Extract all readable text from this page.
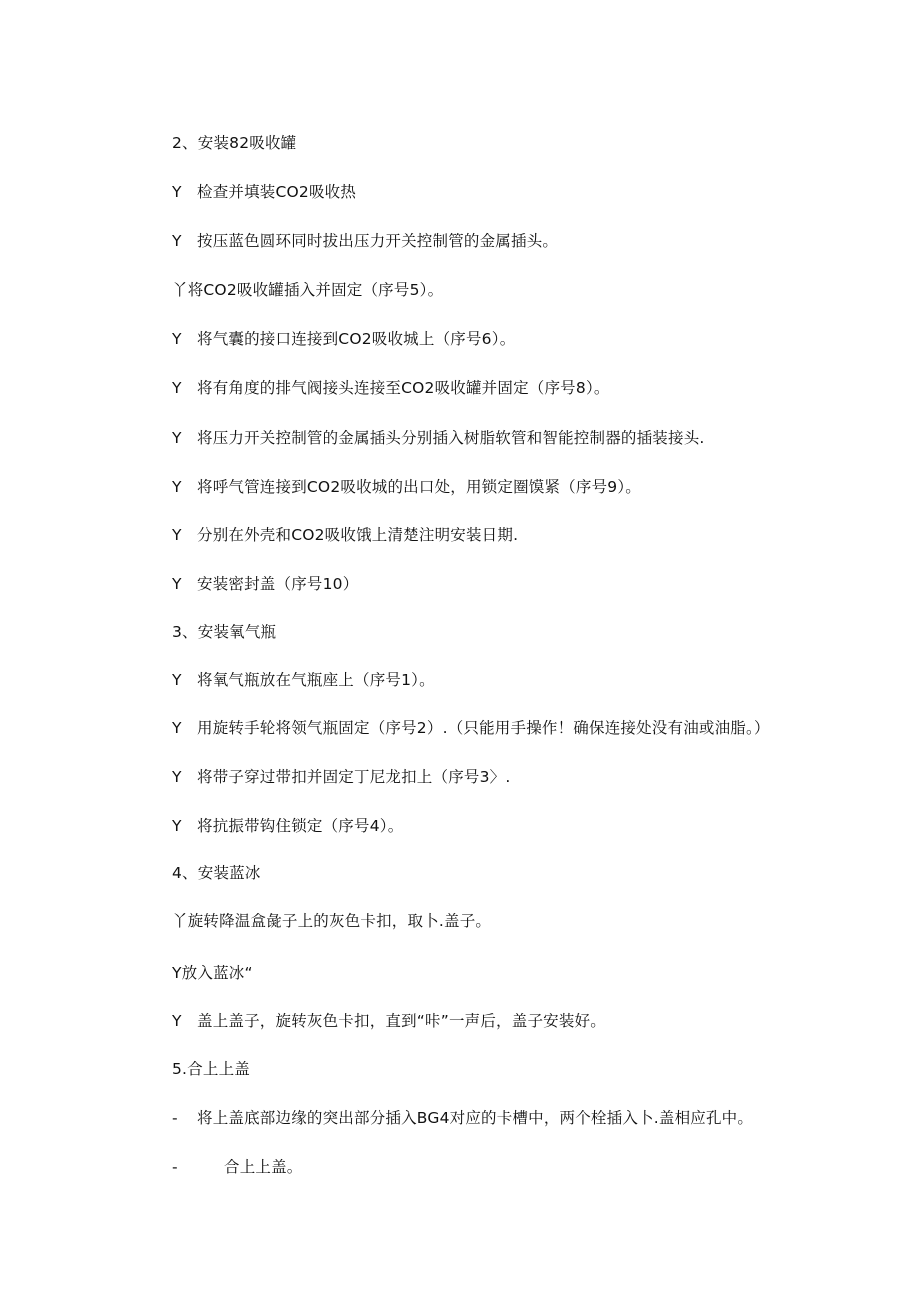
2、安装82吸收罐
Y 检查并填装CO2吸收热
Y 按压蓝色圆环同时拔出压力开关控制管的金属插头。
丫将CO2吸收罐插入并固定（序号5）。
Y 将气囊的接口连接到CO2吸收城上（序号6）。
Y 将有角度的排气阀接头连接至CO2吸收罐并固定（序号8）。
Y 将压力开关控制管的金属插头分别插入树脂软管和智能控制器的插装接头.
Y 将呼气管连接到CO2吸收城的出口处，用锁定圈馍紧（序号9）。
Y 分别在外壳和CO2吸收饿上清楚注明安装日期.
Y 安装密封盖（序号10）
3、安装氧气瓶
Y 将氧气瓶放在气瓶座上（序号1）。
Y 用旋转手轮将领气瓶固定（序号2）.（只能用手操作！确保连接处没有油或油脂。）
Y 将带子穿过带扣并固定丁尼龙扣上（序号3〉.
Y 将抗振带钩住锁定（序号4）。
4、安装蓝冰
丫旋转降温盒彘子上的灰色卡扣，取卜.盖子。
Y放入蓝冰“
Y 盖上盖子，旋转灰色卡扣，直到“咔”一声后，盖子安装好。
5.合上上盖
- 将上盖底部边缘的突出部分插入BG4对应的卡槽中，两个栓插入卜.盖相应孔中。
-	合上上盖。
